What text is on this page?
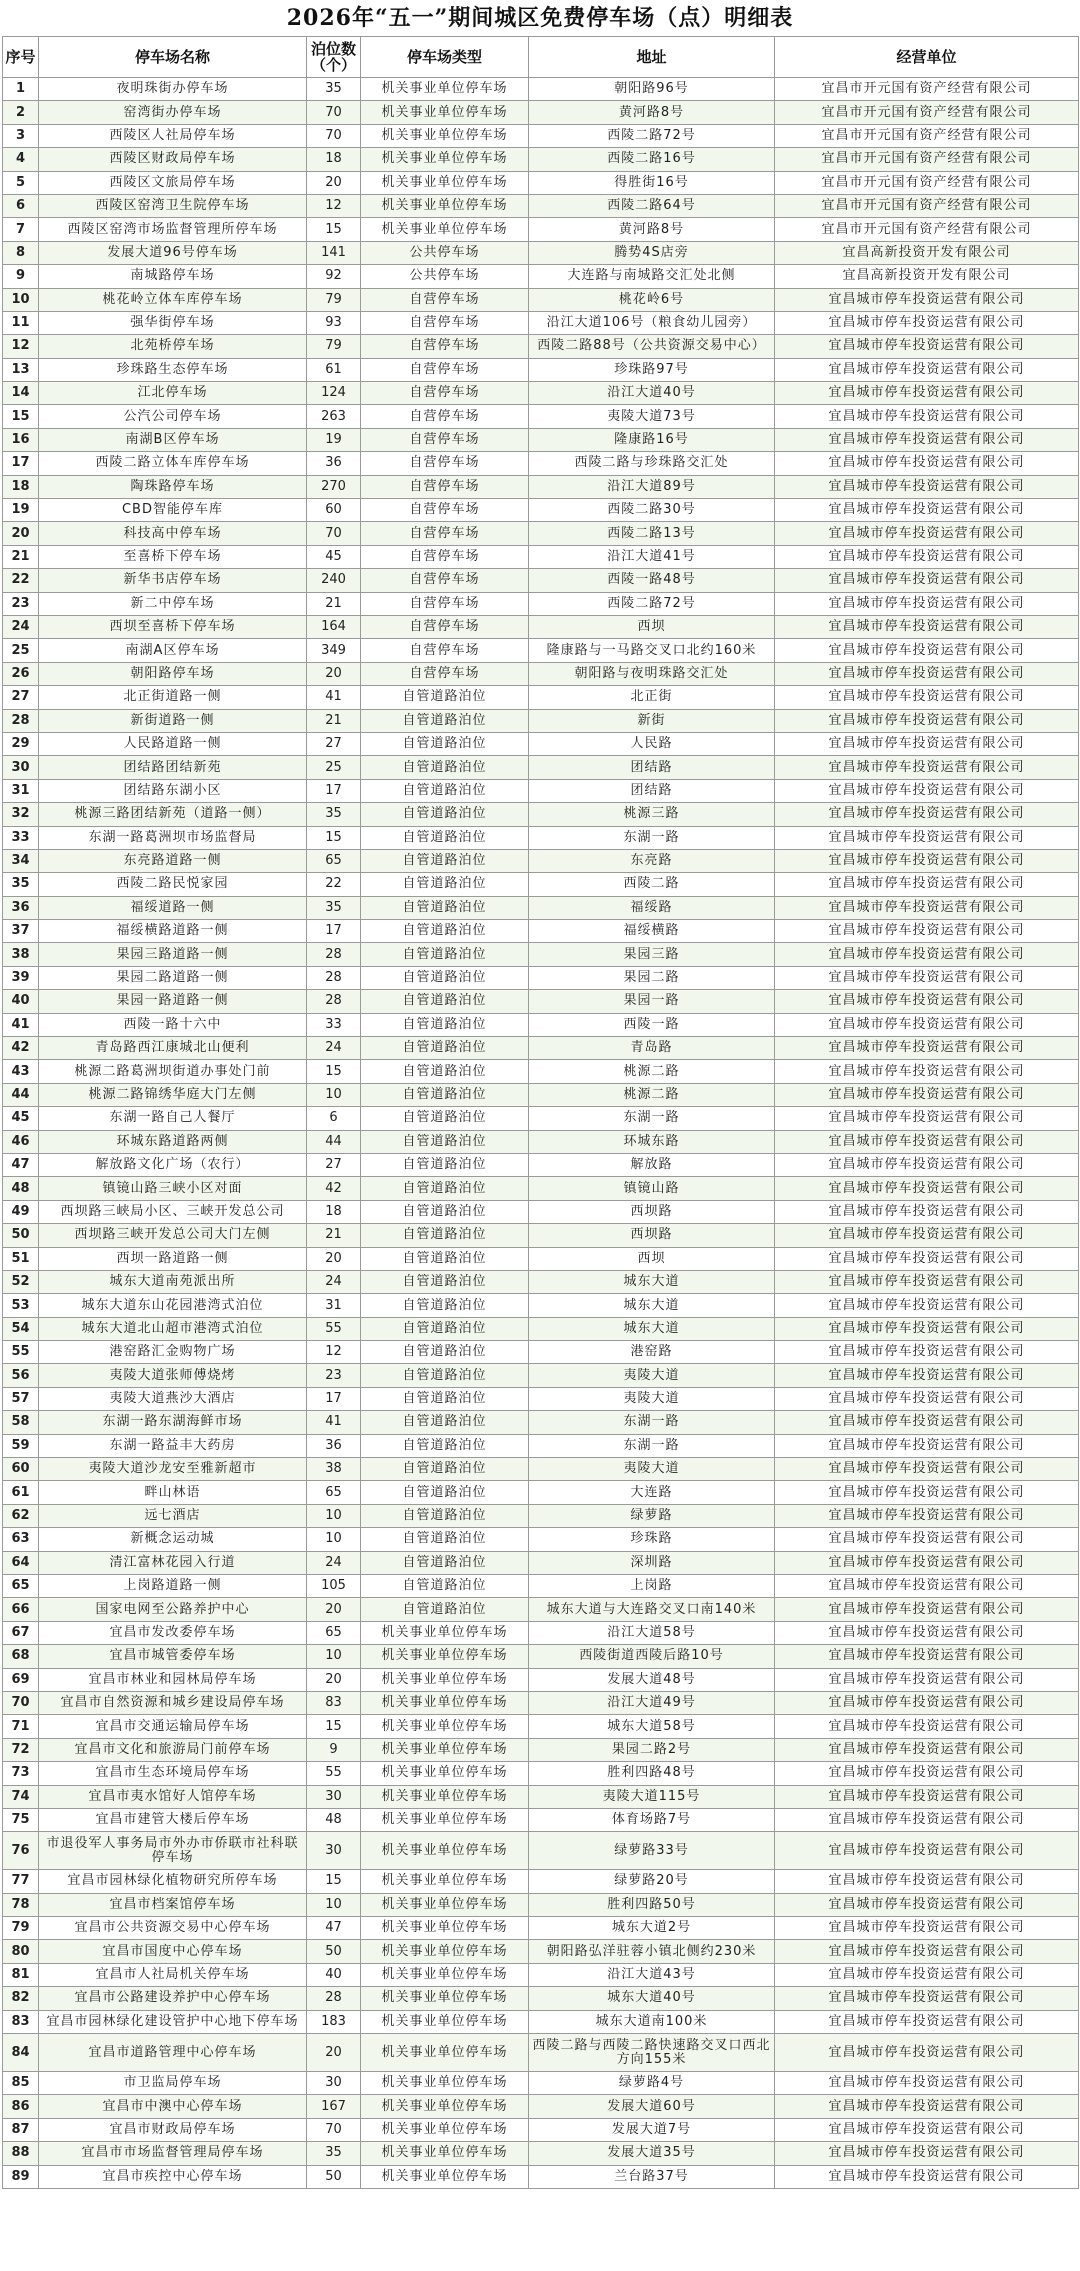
2026年“五一”期间城区免费停车场（点）明细表
序号	停车场名称	泊位数（个）	停车场类型	地址	经营单位
1	夜明珠街办停车场	35	机关事业单位停车场	朝阳路96号	宜昌市开元国有资产经营有限公司
2	窑湾街办停车场	70	机关事业单位停车场	黄河路8号	宜昌市开元国有资产经营有限公司
3	西陵区人社局停车场	70	机关事业单位停车场	西陵二路72号	宜昌市开元国有资产经营有限公司
4	西陵区财政局停车场	18	机关事业单位停车场	西陵二路16号	宜昌市开元国有资产经营有限公司
5	西陵区文旅局停车场	20	机关事业单位停车场	得胜街16号	宜昌市开元国有资产经营有限公司
6	西陵区窑湾卫生院停车场	12	机关事业单位停车场	西陵二路64号	宜昌市开元国有资产经营有限公司
7	西陵区窑湾市场监督管理所停车场	15	机关事业单位停车场	黄河路8号	宜昌市开元国有资产经营有限公司
8	发展大道96号停车场	141	公共停车场	腾势4S店旁	宜昌高新投资开发有限公司
9	南城路停车场	92	公共停车场	大连路与南城路交汇处北侧	宜昌高新投资开发有限公司
10	桃花岭立体车库停车场	79	自营停车场	桃花岭6号	宜昌城市停车投资运营有限公司
11	强华街停车场	93	自营停车场	沿江大道106号（粮食幼儿园旁）	宜昌城市停车投资运营有限公司
12	北苑桥停车场	79	自营停车场	西陵二路88号（公共资源交易中心）	宜昌城市停车投资运营有限公司
13	珍珠路生态停车场	61	自营停车场	珍珠路97号	宜昌城市停车投资运营有限公司
14	江北停车场	124	自营停车场	沿江大道40号	宜昌城市停车投资运营有限公司
15	公汽公司停车场	263	自营停车场	夷陵大道73号	宜昌城市停车投资运营有限公司
16	南湖B区停车场	19	自营停车场	隆康路16号	宜昌城市停车投资运营有限公司
17	西陵二路立体车库停车场	36	自营停车场	西陵二路与珍珠路交汇处	宜昌城市停车投资运营有限公司
18	陶珠路停车场	270	自营停车场	沿江大道89号	宜昌城市停车投资运营有限公司
19	CBD智能停车库	60	自营停车场	西陵二路30号	宜昌城市停车投资运营有限公司
20	科技高中停车场	70	自营停车场	西陵二路13号	宜昌城市停车投资运营有限公司
21	至喜桥下停车场	45	自营停车场	沿江大道41号	宜昌城市停车投资运营有限公司
22	新华书店停车场	240	自营停车场	西陵一路48号	宜昌城市停车投资运营有限公司
23	新二中停车场	21	自营停车场	西陵二路72号	宜昌城市停车投资运营有限公司
24	西坝至喜桥下停车场	164	自营停车场	西坝	宜昌城市停车投资运营有限公司
25	南湖A区停车场	349	自营停车场	隆康路与一马路交叉口北约160米	宜昌城市停车投资运营有限公司
26	朝阳路停车场	20	自营停车场	朝阳路与夜明珠路交汇处	宜昌城市停车投资运营有限公司
27	北正街道路一侧	41	自管道路泊位	北正街	宜昌城市停车投资运营有限公司
28	新街道路一侧	21	自管道路泊位	新街	宜昌城市停车投资运营有限公司
29	人民路道路一侧	27	自管道路泊位	人民路	宜昌城市停车投资运营有限公司
30	团结路团结新苑	25	自管道路泊位	团结路	宜昌城市停车投资运营有限公司
31	团结路东湖小区	17	自管道路泊位	团结路	宜昌城市停车投资运营有限公司
32	桃源三路团结新苑（道路一侧）	35	自管道路泊位	桃源三路	宜昌城市停车投资运营有限公司
33	东湖一路葛洲坝市场监督局	15	自管道路泊位	东湖一路	宜昌城市停车投资运营有限公司
34	东亮路道路一侧	65	自管道路泊位	东亮路	宜昌城市停车投资运营有限公司
35	西陵二路民悦家园	22	自管道路泊位	西陵二路	宜昌城市停车投资运营有限公司
36	福绥道路一侧	35	自管道路泊位	福绥路	宜昌城市停车投资运营有限公司
37	福绥横路道路一侧	17	自管道路泊位	福绥横路	宜昌城市停车投资运营有限公司
38	果园三路道路一侧	28	自管道路泊位	果园三路	宜昌城市停车投资运营有限公司
39	果园二路道路一侧	28	自管道路泊位	果园二路	宜昌城市停车投资运营有限公司
40	果园一路道路一侧	28	自管道路泊位	果园一路	宜昌城市停车投资运营有限公司
41	西陵一路十六中	33	自管道路泊位	西陵一路	宜昌城市停车投资运营有限公司
42	青岛路西江康城北山便利	24	自管道路泊位	青岛路	宜昌城市停车投资运营有限公司
43	桃源二路葛洲坝街道办事处门前	15	自管道路泊位	桃源二路	宜昌城市停车投资运营有限公司
44	桃源二路锦绣华庭大门左侧	10	自管道路泊位	桃源二路	宜昌城市停车投资运营有限公司
45	东湖一路自己人餐厅	6	自管道路泊位	东湖一路	宜昌城市停车投资运营有限公司
46	环城东路道路两侧	44	自管道路泊位	环城东路	宜昌城市停车投资运营有限公司
47	解放路文化广场（农行）	27	自管道路泊位	解放路	宜昌城市停车投资运营有限公司
48	镇镜山路三峡小区对面	42	自管道路泊位	镇镜山路	宜昌城市停车投资运营有限公司
49	西坝路三峡局小区、三峡开发总公司	18	自管道路泊位	西坝路	宜昌城市停车投资运营有限公司
50	西坝路三峡开发总公司大门左侧	21	自管道路泊位	西坝路	宜昌城市停车投资运营有限公司
51	西坝一路道路一侧	20	自管道路泊位	西坝	宜昌城市停车投资运营有限公司
52	城东大道南苑派出所	24	自管道路泊位	城东大道	宜昌城市停车投资运营有限公司
53	城东大道东山花园港湾式泊位	31	自管道路泊位	城东大道	宜昌城市停车投资运营有限公司
54	城东大道北山超市港湾式泊位	55	自管道路泊位	城东大道	宜昌城市停车投资运营有限公司
55	港窑路汇金购物广场	12	自管道路泊位	港窑路	宜昌城市停车投资运营有限公司
56	夷陵大道张师傅烧烤	23	自管道路泊位	夷陵大道	宜昌城市停车投资运营有限公司
57	夷陵大道燕沙大酒店	17	自管道路泊位	夷陵大道	宜昌城市停车投资运营有限公司
58	东湖一路东湖海鲜市场	41	自管道路泊位	东湖一路	宜昌城市停车投资运营有限公司
59	东湖一路益丰大药房	36	自管道路泊位	东湖一路	宜昌城市停车投资运营有限公司
60	夷陵大道沙龙安至雅新超市	38	自管道路泊位	夷陵大道	宜昌城市停车投资运营有限公司
61	畔山林语	65	自管道路泊位	大连路	宜昌城市停车投资运营有限公司
62	远七酒店	10	自管道路泊位	绿萝路	宜昌城市停车投资运营有限公司
63	新概念运动城	10	自管道路泊位	珍珠路	宜昌城市停车投资运营有限公司
64	清江富林花园入行道	24	自管道路泊位	深圳路	宜昌城市停车投资运营有限公司
65	上岗路道路一侧	105	自管道路泊位	上岗路	宜昌城市停车投资运营有限公司
66	国家电网至公路养护中心	20	自管道路泊位	城东大道与大连路交叉口南140米	宜昌城市停车投资运营有限公司
67	宜昌市发改委停车场	65	机关事业单位停车场	沿江大道58号	宜昌城市停车投资运营有限公司
68	宜昌市城管委停车场	10	机关事业单位停车场	西陵街道西陵后路10号	宜昌城市停车投资运营有限公司
69	宜昌市林业和园林局停车场	20	机关事业单位停车场	发展大道48号	宜昌城市停车投资运营有限公司
70	宜昌市自然资源和城乡建设局停车场	83	机关事业单位停车场	沿江大道49号	宜昌城市停车投资运营有限公司
71	宜昌市交通运输局停车场	15	机关事业单位停车场	城东大道58号	宜昌城市停车投资运营有限公司
72	宜昌市文化和旅游局门前停车场	9	机关事业单位停车场	果园二路2号	宜昌城市停车投资运营有限公司
73	宜昌市生态环境局停车场	55	机关事业单位停车场	胜利四路48号	宜昌城市停车投资运营有限公司
74	宜昌市夷水馆好人馆停车场	30	机关事业单位停车场	夷陵大道115号	宜昌城市停车投资运营有限公司
75	宜昌市建管大楼后停车场	48	机关事业单位停车场	体育场路7号	宜昌城市停车投资运营有限公司
76	市退役军人事务局市外办市侨联市社科联停车场	30	机关事业单位停车场	绿萝路33号	宜昌城市停车投资运营有限公司
77	宜昌市园林绿化植物研究所停车场	15	机关事业单位停车场	绿萝路20号	宜昌城市停车投资运营有限公司
78	宜昌市档案馆停车场	10	机关事业单位停车场	胜利四路50号	宜昌城市停车投资运营有限公司
79	宜昌市公共资源交易中心停车场	47	机关事业单位停车场	城东大道2号	宜昌城市停车投资运营有限公司
80	宜昌市国度中心停车场	50	机关事业单位停车场	朝阳路弘洋驻蓉小镇北侧约230米	宜昌城市停车投资运营有限公司
81	宜昌市人社局机关停车场	40	机关事业单位停车场	沿江大道43号	宜昌城市停车投资运营有限公司
82	宜昌市公路建设养护中心停车场	28	机关事业单位停车场	城东大道40号	宜昌城市停车投资运营有限公司
83	宜昌市园林绿化建设管护中心地下停车场	183	机关事业单位停车场	城东大道南100米	宜昌城市停车投资运营有限公司
84	宜昌市道路管理中心停车场	20	机关事业单位停车场	西陵二路与西陵二路快速路交叉口西北方向155米	宜昌城市停车投资运营有限公司
85	市卫监局停车场	30	机关事业单位停车场	绿萝路4号	宜昌城市停车投资运营有限公司
86	宜昌市中澳中心停车场	167	机关事业单位停车场	发展大道60号	宜昌城市停车投资运营有限公司
87	宜昌市财政局停车场	70	机关事业单位停车场	发展大道7号	宜昌城市停车投资运营有限公司
88	宜昌市市场监督管理局停车场	35	机关事业单位停车场	发展大道35号	宜昌城市停车投资运营有限公司
89	宜昌市疾控中心停车场	50	机关事业单位停车场	兰台路37号	宜昌城市停车投资运营有限公司
